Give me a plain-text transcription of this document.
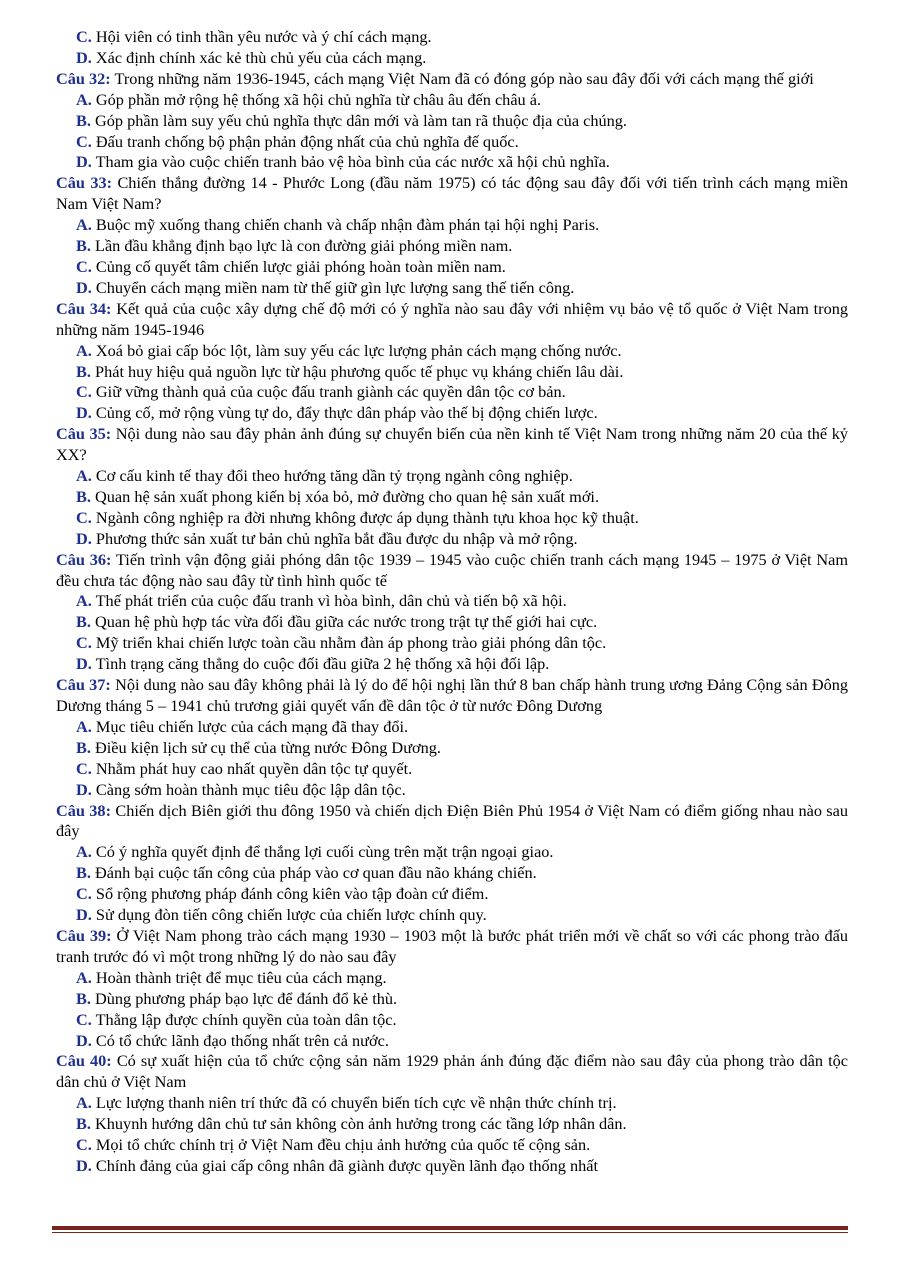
C. Hội viên có tinh thần yêu nước và ý chí cách mạng.
D. Xác định chính xác kẻ thù chủ yếu của cách mạng.
Câu 32: Trong những năm 1936-1945, cách mạng Việt Nam đã có đóng góp nào sau đây đối với cách mạng thế giới
A. Góp phần mở rộng hệ thống xã hội chủ nghĩa từ châu âu đến châu á.
B. Góp phần làm suy yếu chủ nghĩa thực dân mới và làm tan rã thuộc địa của chúng.
C. Đấu tranh chống bộ phận phản động nhất của chủ nghĩa đế quốc.
D. Tham gia vào cuộc chiến tranh bảo vệ hòa bình của các nước xã hội chủ nghĩa.
Câu 33: Chiến thắng đường 14 - Phước Long (đầu năm 1975) có tác động sau đây đối với tiến trình cách mạng miền Nam Việt Nam?
A. Buộc mỹ xuống thang chiến chanh và chấp nhận đàm phán tại hội nghị Paris.
B. Lần đầu khẳng định bạo lực là con đường giải phóng miền nam.
C. Củng cố quyết tâm chiến lược giải phóng hoàn toàn miền nam.
D. Chuyển cách mạng miền nam từ thế giữ gìn lực lượng sang thế tiến công.
Câu 34: Kết quả của cuộc xây dựng chế độ mới có ý nghĩa nào sau đây với nhiệm vụ bảo vệ tổ quốc ở Việt Nam trong những năm 1945-1946
A. Xoá bỏ giai cấp bóc lột, làm suy yếu các lực lượng phản cách mạng chống nước.
B. Phát huy hiệu quả nguồn lực từ hậu phương quốc tế phục vụ kháng chiến lâu dài.
C. Giữ vững thành quả của cuộc đấu tranh giành các quyền dân tộc cơ bản.
D. Củng cố, mở rộng vùng tự do, đẩy thực dân pháp vào thế bị động chiến lược.
Câu 35: Nội dung nào sau đây phản ảnh đúng sự chuyển biến của nền kinh tế Việt Nam trong những năm 20 của thế kỷ XX?
A. Cơ cấu kinh tế thay đổi theo hướng tăng dần tỷ trọng ngành công nghiệp.
B. Quan hệ sản xuất phong kiến bị xóa bỏ, mở đường cho quan hệ sản xuất mới.
C. Ngành công nghiệp ra đời nhưng không được áp dụng thành tựu khoa học kỹ thuật.
D. Phương thức sản xuất tư bản chủ nghĩa bắt đầu được du nhập và mở rộng.
Câu 36: Tiến trình vận động giải phóng dân tộc 1939 – 1945 vào cuộc chiến tranh cách mạng 1945 – 1975 ở Việt Nam đều chưa tác động nào sau đây từ tình hình quốc tế
A. Thế phát triển của cuộc đấu tranh vì hòa bình, dân chủ và tiến bộ xã hội.
B. Quan hệ phù hợp tác vừa đối đầu giữa các nước trong trật tự thế giới hai cực.
C. Mỹ triển khai chiến lược toàn cầu nhằm đàn áp phong trào giải phóng dân tộc.
D. Tình trạng căng thẳng do cuộc đối đầu giữa 2 hệ thống xã hội đối lập.
Câu 37: Nội dung nào sau đây không phải là lý do để hội nghị lần thứ 8 ban chấp hành trung ương Đảng Cộng sản Đông Dương tháng 5 – 1941 chủ trương giải quyết vấn đề dân tộc ở từ nước Đông Dương
A. Mục tiêu chiến lược của cách mạng đã thay đổi.
B. Điều kiện lịch sử cụ thể của từng nước Đông Dương.
C. Nhằm phát huy cao nhất quyền dân tộc tự quyết.
D. Càng sớm hoàn thành mục tiêu độc lập dân tộc.
Câu 38: Chiến dịch Biên giới thu đông 1950 và chiến dịch Điện Biên Phủ 1954 ở Việt Nam có điểm giống nhau nào sau đây
A. Có ý nghĩa quyết định để thắng lợi cuối cùng trên mặt trận ngoại giao.
B. Đánh bại cuộc tấn công của pháp vào cơ quan đầu não kháng chiến.
C. Sổ rộng phương pháp đánh công kiên vào tập đoàn cứ điểm.
D. Sử dụng đòn tiến công chiến lược của chiến lược chính quy.
Câu 39: Ở Việt Nam phong trào cách mạng 1930 – 1903 một là bước phát triển mới về chất so với các phong trào đấu tranh trước đó vì một trong những lý do nào sau đây
A. Hoàn thành triệt để mục tiêu của cách mạng.
B. Dùng phương pháp bạo lực để đánh đổ kẻ thù.
C. Thằng lập được chính quyền của toàn dân tộc.
D. Có tổ chức lãnh đạo thống nhất trên cả nước.
Câu 40: Có sự xuất hiện của tổ chức cộng sản năm 1929 phản ánh đúng đặc điểm nào sau đây của phong trào dân tộc dân chủ ở Việt Nam
A. Lực lượng thanh niên trí thức đã có chuyển biến tích cực về nhận thức chính trị.
B. Khuynh hướng dân chủ tư sản không còn ảnh hưởng trong các tầng lớp nhân dân.
C. Mọi tổ chức chính trị ở Việt Nam đều chịu ảnh hưởng của quốc tế cộng sản.
D. Chính đảng của giai cấp công nhân đã giành được quyền lãnh đạo thống nhất
